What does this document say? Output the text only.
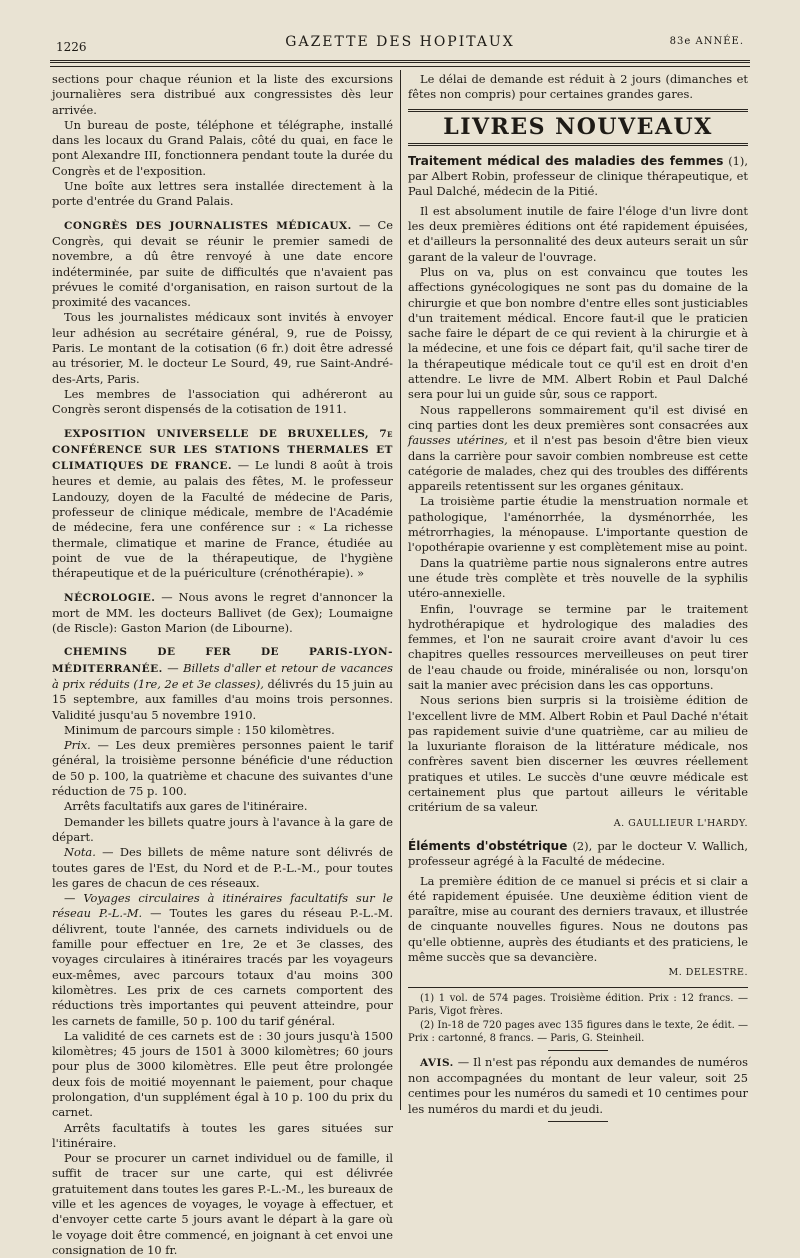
1226	GAZETTE DES HOPITAUX	83e ANNÉE.

sections pour chaque réunion et la liste des excursions journalières sera distribué aux congressistes dès leur arrivée.

Un bureau de poste, téléphone et télégraphe, installé dans les locaux du Grand Palais, côté du quai, en face le pont Alexandre III, fonctionnera pendant toute la durée du Congrès et de l'exposition.

Une boîte aux lettres sera installée directement à la porte d'entrée du Grand Palais.

CONGRÈS DES JOURNALISTES MÉDICAUX. — Ce Congrès, qui devait se réunir le premier samedi de novembre, a dû être renvoyé à une date encore indéterminée, par suite de difficultés que n'avaient pas prévues le comité d'organisation, en raison surtout de la proximité des vacances.

Tous les journalistes médicaux sont invités à envoyer leur adhésion au secrétaire général, 9, rue de Poissy, Paris. Le montant de la cotisation (6 fr.) doit être adressé au trésorier, M. le docteur Le Sourd, 49, rue Saint-André-des-Arts, Paris.

Les membres de l'association qui adhéreront au Congrès seront dispensés de la cotisation de 1911.

EXPOSITION UNIVERSELLE DE BRUXELLES, 7e CONFÉRENCE SUR LES STATIONS THERMALES ET CLIMATIQUES DE FRANCE. — Le lundi 8 août à trois heures et demie, au palais des fêtes, M. le professeur Landouzy, doyen de la Faculté de médecine de Paris, professeur de clinique médicale, membre de l'Académie de médecine, fera une conférence sur : « La richesse thermale, climatique et marine de France, étudiée au point de vue de la thérapeutique, de l'hygiène thérapeutique et de la puériculture (crénothérapie). »

NÉCROLOGIE. — Nous avons le regret d'annoncer la mort de MM. les docteurs Ballivet (de Gex); Loumaigne (de Riscle): Gaston Marion (de Libourne).

CHEMINS DE FER DE PARIS-LYON-MÉDITERRANÉE. — Billets d'aller et retour de vacances à prix réduits (1re, 2e et 3e classes), délivrés du 15 juin au 15 septembre, aux familles d'au moins trois personnes. Validité jusqu'au 5 novembre 1910.

Minimum de parcours simple : 150 kilomètres.

Prix. — Les deux premières personnes paient le tarif général, la troisième personne bénéficie d'une réduction de 50 p. 100, la quatrième et chacune des suivantes d'une réduction de 75 p. 100.

Arrêts facultatifs aux gares de l'itinéraire.

Demander les billets quatre jours à l'avance à la gare de départ.

Nota. — Des billets de même nature sont délivrés de toutes gares de l'Est, du Nord et de P.-L.-M., pour toutes les gares de chacun de ces réseaux.

— Voyages circulaires à itinéraires facultatifs sur le réseau P.-L.-M. — Toutes les gares du réseau P.-L.-M. délivrent, toute l'année, des carnets individuels ou de famille pour effectuer en 1re, 2e et 3e classes, des voyages circulaires à itinéraires tracés par les voyageurs eux-mêmes, avec parcours totaux d'au moins 300 kilomètres. Les prix de ces carnets comportent des réductions très importantes qui peuvent atteindre, pour les carnets de famille, 50 p. 100 du tarif général.

La validité de ces carnets est de : 30 jours jusqu'à 1500 kilomètres; 45 jours de 1501 à 3000 kilomètres; 60 jours pour plus de 3000 kilomètres. Elle peut être prolongée deux fois de moitié moyennant le paiement, pour chaque prolongation, d'un supplément égal à 10 p. 100 du prix du carnet.

Arrêts facultatifs à toutes les gares situées sur l'itinéraire.

Pour se procurer un carnet individuel ou de famille, il suffit de tracer sur une carte, qui est délivrée gratuitement dans toutes les gares P.-L.-M., les bureaux de ville et les agences de voyages, le voyage à effectuer, et d'envoyer cette carte 5 jours avant le départ à la gare où le voyage doit être commencé, en joignant à cet envoi une consignation de 10 fr.

Le délai de demande est réduit à 2 jours (dimanches et fêtes non compris) pour certaines grandes gares.

LIVRES NOUVEAUX

Traitement médical des maladies des femmes (1), par Albert Robin, professeur de clinique thérapeutique, et Paul Dalché, médecin de la Pitié.

Il est absolument inutile de faire l'éloge d'un livre dont les deux premières éditions ont été rapidement épuisées, et d'ailleurs la personnalité des deux auteurs serait un sûr garant de la valeur de l'ouvrage.

Plus on va, plus on est convaincu que toutes les affections gynécologiques ne sont pas du domaine de la chirurgie et que bon nombre d'entre elles sont justiciables d'un traitement médical. Encore faut-il que le praticien sache faire le départ de ce qui revient à la chirurgie et à la médecine, et une fois ce départ fait, qu'il sache tirer de la thérapeutique médicale tout ce qu'il est en droit d'en attendre. Le livre de MM. Albert Robin et Paul Dalché sera pour lui un guide sûr, sous ce rapport.

Nous rappellerons sommairement qu'il est divisé en cinq parties dont les deux premières sont consacrées aux fausses utérines, et il n'est pas besoin d'être bien vieux dans la carrière pour savoir combien nombreuse est cette catégorie de malades, chez qui des troubles des différents appareils retentissent sur les organes génitaux.

La troisième partie étudie la menstruation normale et pathologique, l'aménorrhée, la dysménorrhée, les métrorrhagies, la ménopause. L'importante question de l'opothérapie ovarienne y est complètement mise au point.

Dans la quatrième partie nous signalerons entre autres une étude très complète et très nouvelle de la syphilis utéro-annexielle.

Enfin, l'ouvrage se termine par le traitement hydrothérapique et hydrologique des maladies des femmes, et l'on ne saurait croire avant d'avoir lu ces chapitres quelles ressources merveilleuses on peut tirer de l'eau chaude ou froide, minéralisée ou non, lorsqu'on sait la manier avec précision dans les cas opportuns.

Nous serions bien surpris si la troisième édition de l'excellent livre de MM. Albert Robin et Paul Daché n'était pas rapidement suivie d'une quatrième, car au milieu de la luxuriante floraison de la littérature médicale, nos confrères savent bien discerner les œuvres réellement pratiques et utiles. Le succès d'une œuvre médicale est certainement plus que partout ailleurs le véritable critérium de sa valeur.

A. GAULLIEUR L'HARDY.

Éléments d'obstétrique (2), par le docteur V. Wallich, professeur agrégé à la Faculté de médecine.

La première édition de ce manuel si précis et si clair a été rapidement épuisée. Une deuxième édition vient de paraître, mise au courant des derniers travaux, et illustrée de cinquante nouvelles figures. Nous ne doutons pas qu'elle obtienne, auprès des étudiants et des praticiens, le même succès que sa devancière.

M. DELESTRE.

(1) 1 vol. de 574 pages. Troisième édition. Prix : 12 francs. — Paris, Vigot frères.

(2) In-18 de 720 pages avec 135 figures dans le texte, 2e édit. — Prix : cartonné, 8 francs. — Paris, G. Steinheil.

AVIS. — Il n'est pas répondu aux demandes de numéros non accompagnées du montant de leur valeur, soit 25 centimes pour les numéros du samedi et 10 centimes pour les numéros du mardi et du jeudi.
